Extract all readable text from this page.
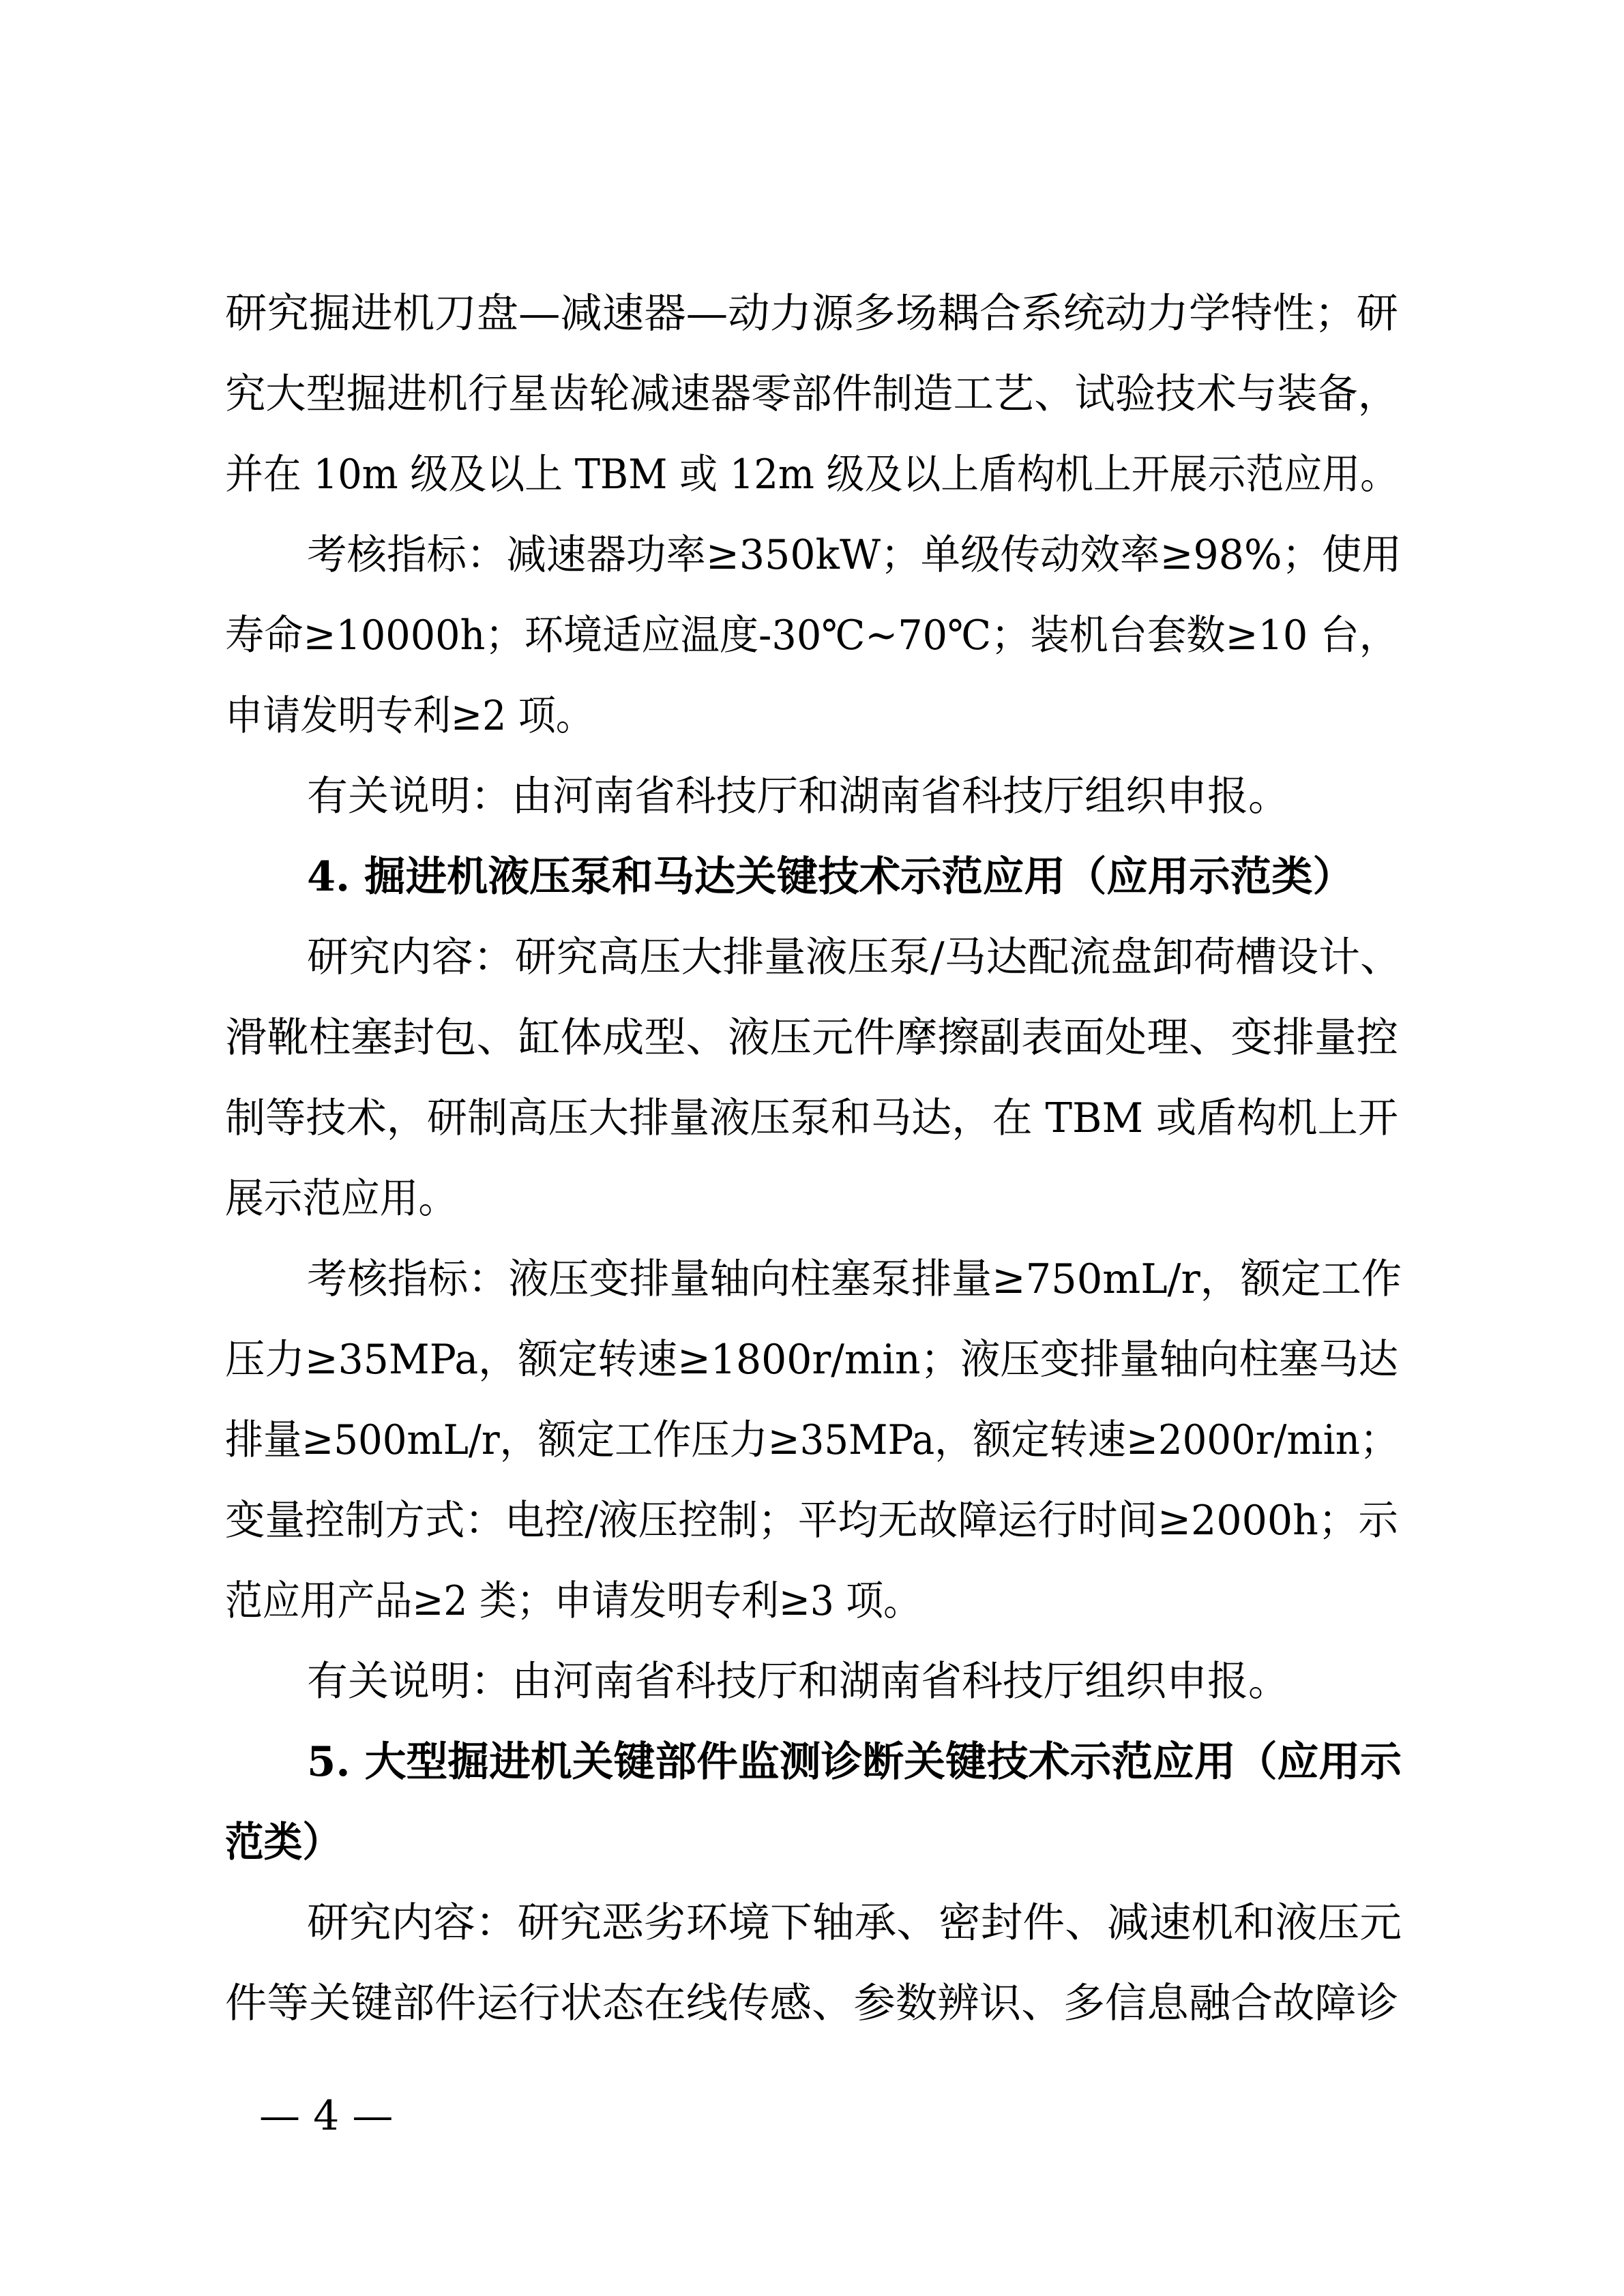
研究掘进机刀盘—减速器—动力源多场耦合系统动力学特性；研
究大型掘进机行星齿轮减速器零部件制造工艺、试验技术与装备，
并在 10m 级及以上 TBM 或 12m 级及以上盾构机上开展示范应用。
考核指标：减速器功率≥350kW；单级传动效率≥98%；使用
寿命≥10000h；环境适应温度-30℃~70℃；装机台套数≥10 台，
申请发明专利≥2 项。
有关说明：由河南省科技厅和湖南省科技厅组织申报。
4. 掘进机液压泵和马达关键技术示范应用（应用示范类）
研究内容：研究高压大排量液压泵/马达配流盘卸荷槽设计、
滑靴柱塞封包、缸体成型、液压元件摩擦副表面处理、变排量控
制等技术，研制高压大排量液压泵和马达，在 TBM 或盾构机上开
展示范应用。
考核指标：液压变排量轴向柱塞泵排量≥750mL/r，额定工作
压力≥35MPa，额定转速≥1800r/min；液压变排量轴向柱塞马达
排量≥500mL/r，额定工作压力≥35MPa，额定转速≥2000r/min；
变量控制方式：电控/液压控制；平均无故障运行时间≥2000h；示
范应用产品≥2 类；申请发明专利≥3 项。
有关说明：由河南省科技厅和湖南省科技厅组织申报。
5. 大型掘进机关键部件监测诊断关键技术示范应用（应用示
范类）
研究内容：研究恶劣环境下轴承、密封件、减速机和液压元
件等关键部件运行状态在线传感、参数辨识、多信息融合故障诊
— 4 —
